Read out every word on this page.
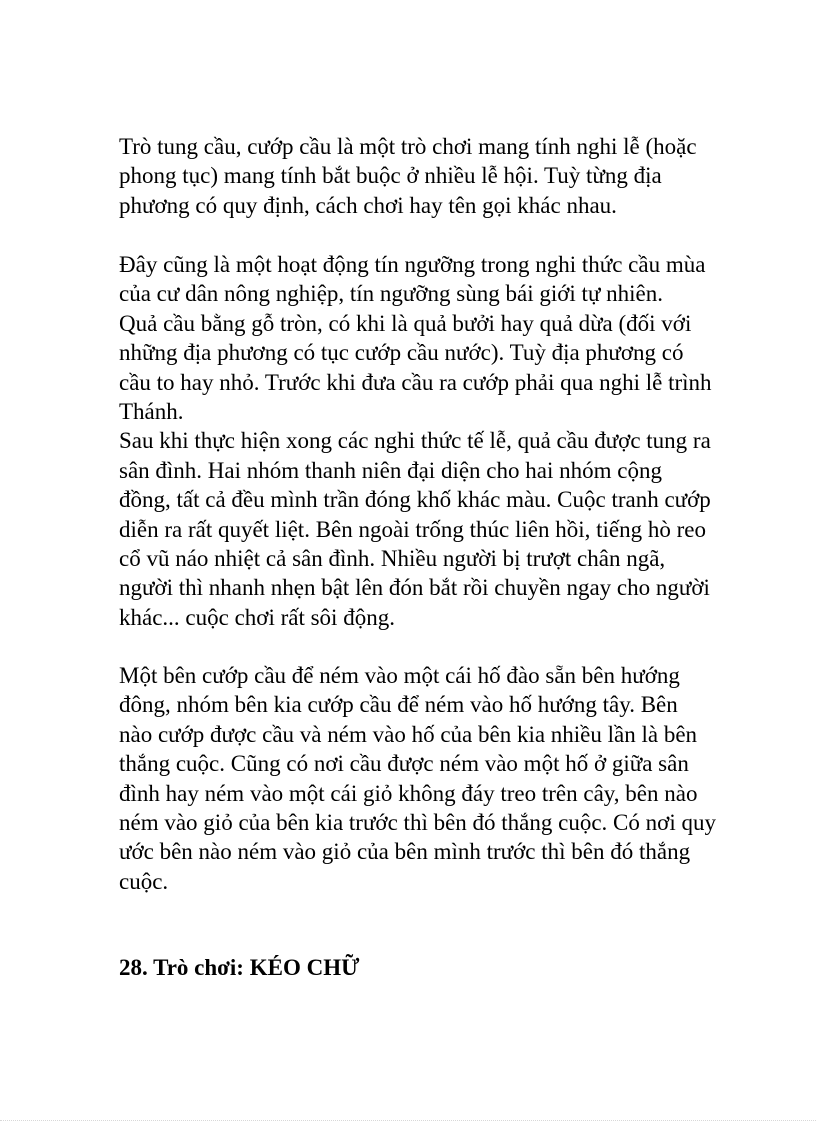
Trò tung cầu, cướp cầu là một trò chơi mang tính nghi lễ (hoặc
phong tục) mang tính bắt buộc ở nhiều lễ hội. Tuỳ từng địa
phương có quy định, cách chơi hay tên gọi khác nhau.
Đây cũng là một hoạt động tín ngưỡng trong nghi thức cầu mùa
của cư dân nông nghiệp, tín ngưỡng sùng bái giới tự nhiên.
Quả cầu bằng gỗ tròn, có khi là quả bưởi hay quả dừa (đối với
những địa phương có tục cướp cầu nước). Tuỳ địa phương có
cầu to hay nhỏ. Trước khi đưa cầu ra cướp phải qua nghi lễ trình
Thánh.
Sau khi thực hiện xong các nghi thức tế lễ, quả cầu được tung ra
sân đình. Hai nhóm thanh niên đại diện cho hai nhóm cộng
đồng, tất cả đều mình trần đóng khố khác màu. Cuộc tranh cướp
diễn ra rất quyết liệt. Bên ngoài trống thúc liên hồi, tiếng hò reo
cổ vũ náo nhiệt cả sân đình. Nhiều người bị trượt chân ngã,
người thì nhanh nhẹn bật lên đón bắt rồi chuyền ngay cho người
khác... cuộc chơi rất sôi động.
Một bên cướp cầu để ném vào một cái hố đào sẵn bên hướng
đông, nhóm bên kia cướp cầu để ném vào hố hướng tây. Bên
nào cướp được cầu và ném vào hố của bên kia nhiều lần là bên
thắng cuộc. Cũng có nơi cầu được ném vào một hố ở giữa sân
đình hay ném vào một cái giỏ không đáy treo trên cây, bên nào
ném vào giỏ của bên kia trước thì bên đó thắng cuộc. Có nơi quy
ước bên nào ném vào giỏ của bên mình trước thì bên đó thắng
cuộc.
28. Trò chơi: KÉO CHỮ
